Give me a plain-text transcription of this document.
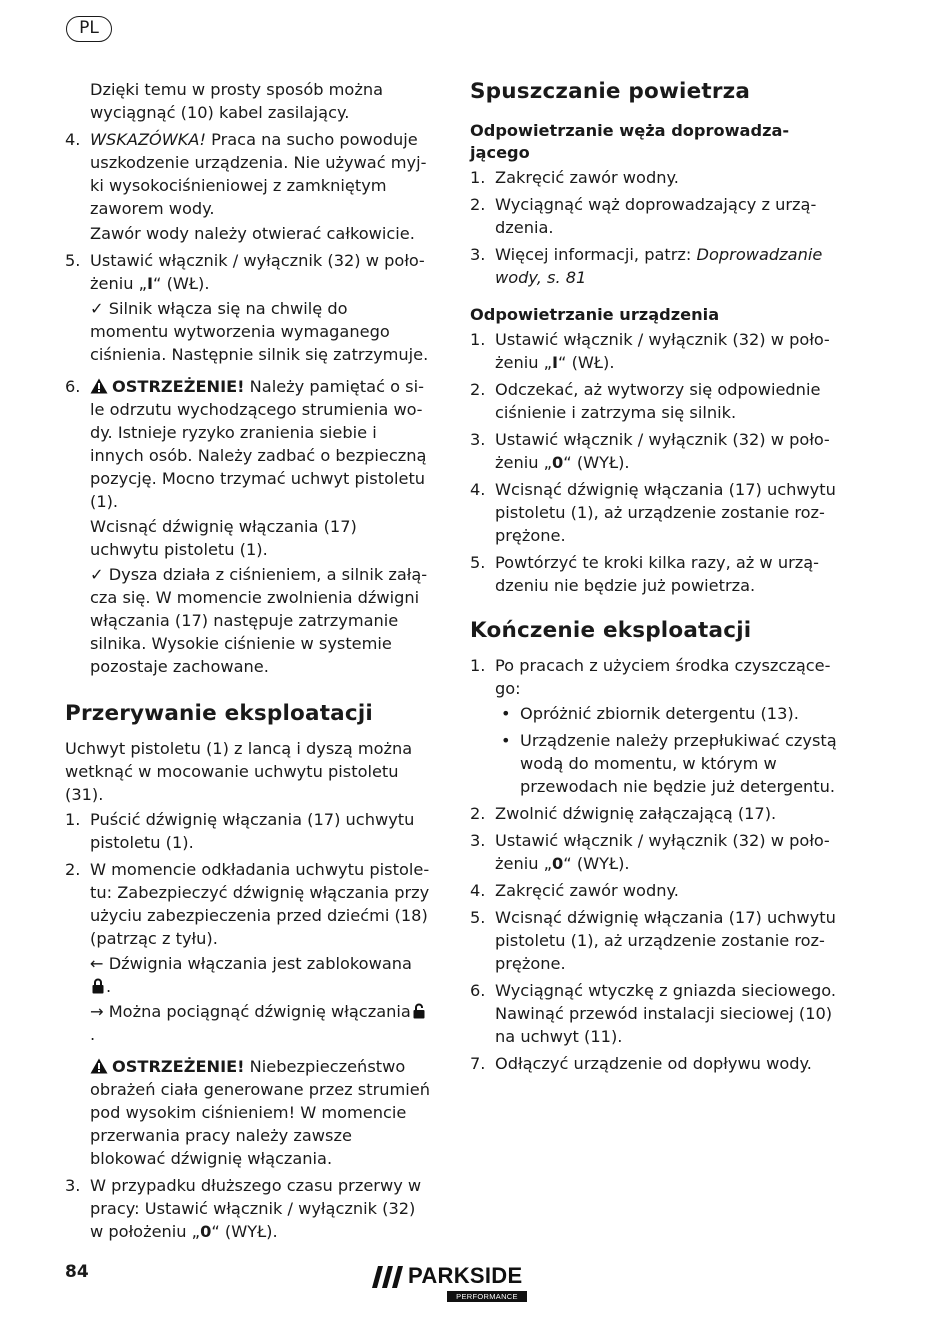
PL

Dzięki temu w prosty sposób można wyciągnąć (10) kabel zasilający.

4. WSKAZÓWKA! Praca na sucho powoduje uszkodzenie urządzenia. Nie używać myjki wysokociśnieniowej z zamkniętym zaworem wody.

Zawór wody należy otwierać całkowicie.

5. Ustawić włącznik / wyłącznik (32) w położeniu „I“ (WŁ).

✓ Silnik włącza się na chwilę do momentu wytworzenia wymaganego ciśnienia. Następnie silnik się zatrzymuje.

6.	OSTRZEŻENIE! Należy pamiętać o sile odrzutu wychodzącego strumienia wody. Istnieje ryzyko zranienia siebie i innych osób. Należy zadbać o bezpieczną pozycję. Mocno trzymać uchwyt pistoletu (1).

Wcisnąć dźwignię włączania (17) uchwytu pistoletu (1).

✓ Dysza działa z ciśnieniem, a silnik załącza się. W momencie zwolnienia dźwigni włączania (17) następuje zatrzymanie silnika. Wysokie ciśnienie w systemie pozostaje zachowane.

Przerywanie eksploatacji

Uchwyt pistoletu (1) z lancą i dyszą można wetknąć w mocowanie uchwytu pistoletu (31).

1. Puścić dźwignię włączania (17) uchwytu pistoletu (1).

2. W momencie odkładania uchwytu pistoletu: Zabezpieczyć dźwignię włączania przy użyciu zabezpieczenia przed dziećmi (18) (patrząc z tyłu).

← Dźwignia włączania jest zablokowana
.

→ Można pociągnąć dźwignię włączania.

OSTRZEŻENIE! Niebezpieczeństwo obrażeń ciała generowane przez strumień pod wysokim ciśnieniem! W momencie przerwania pracy należy zawsze blokować dźwignię włączania.

3. W przypadku dłuższego czasu przerwy w pracy: Ustawić włącznik / wyłącznik (32) w położeniu „0“ (WYŁ).

Spuszczanie powietrza
Odpowietrzanie węża doprowadzającego
1. Zakręcić zawór wodny.

2. Wyciągnąć wąż doprowadzający z urządzenia.

3. Więcej informacji, patrz: Doprowadzanie wody, s. 81

Odpowietrzanie urządzenia
1. Ustawić włącznik / wyłącznik (32) w położeniu „I“ (WŁ).

2. Odczekać, aż wytworzy się odpowiednie ciśnienie i zatrzyma się silnik.

3. Ustawić włącznik / wyłącznik (32) w położeniu „0“ (WYŁ).

4. Wcisnąć dźwignię włączania (17) uchwytu pistoletu (1), aż urządzenie zostanie rozprężone.

5. Powtórzyć te kroki kilka razy, aż w urządzeniu nie będzie już powietrza.

Kończenie eksploatacji
1. Po pracach z użyciem środka czyszczącego:

• Opróżnić zbiornik detergentu (13).

• Urządzenie należy przepłukiwać czystą wodą do momentu, w którym w przewodach nie będzie już detergentu.

2. Zwolnić dźwignię załączającą (17).

3. Ustawić włącznik / wyłącznik (32) w położeniu „0“ (WYŁ).

4. Zakręcić zawór wodny.

5. Wcisnąć dźwignię włączania (17) uchwytu pistoletu (1), aż urządzenie zostanie rozprężone.

6. Wyciągnąć wtyczkę z gniazda sieciowego. Nawinąć przewód instalacji sieciowej (10) na uchwyt (11).

7. Odłączyć urządzenie od dopływu wody.

84	PARKSIDE
PERFORMANCE
